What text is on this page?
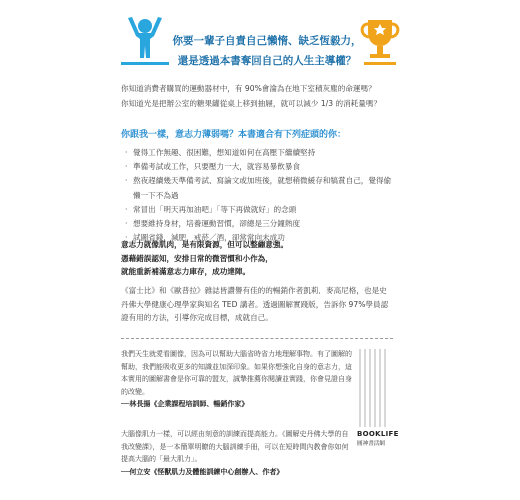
你要一輩子自責自己懶惰、缺乏恆毅力，
還是透過本書奪回自己的人生主導權？
你知道消費者購買的運動器材中，有 90%會淪為在地下室積灰塵的命運嗎？
你知道光是把辦公室的糖果罐從桌上移到抽屜，就可以減少 1/3 的消耗量嗎？
你跟我一樣，意志力薄弱嗎？本書適合有下列症頭的你：
‧ 覺得工作無趣、很困難，想知道如何在高壓下繼續堅持
‧ 準備考試或工作，只要壓力一大，就容易暴飲暴食
‧ 熬夜趕續幾天準備考試、寫論文或加班後，就想稍微緩存和犒賞自己，覺得偷懶一下不為過
‧ 常冒出「明天再加油吧」「等下再做就好」的念頭
‧ 想要維持身材，培養運動習慣，卻總是三分鐘熱度
‧ 試圖省錢，減肥，戒菸／酒，卻常常向未成功
意志力就像肌肉，是有限資源，但可以整繃意強。
憑藉錯誤認知，安排日常的微習慣和小作為，
就能重新補滿意志力庫存，成功達陣。
《富士比》和《歐普拉》雜誌皆讚譽有佳的的暢銷作者凱莉．麥高尼格，也是史丹佛大學健康心理學家與知名 TED 講者。透過圖解實踐版，告訴你 97%學員認證有用的方法，引導你完成目標，成就自己。
我們天生就愛看圖像，因為可以幫助大腦省時省力地理解事物。有了圖解的幫助，我們能吸收更多的知識並加深印象。如果你想強化自身的意志力，這本實用的圖解書會是你可靠的盟友，誠摯推薦你閱讀並實踐，你會見證自身的改變。
──林長揚《企業課程培訓師、暢銷作家》
大腦像肌力一樣，可以經由刻意的訓練而提高能力。《圖解史丹佛大學的自我改變課》，是一本簡單明瞭的大腦訓練手冊，可以在短時間內教會你如何提高大腦的「最大肌力」。
──何立安《怪獸肌力及體能訓練中心創辦人、作者》
BOOKLIFE
圓神書活網
